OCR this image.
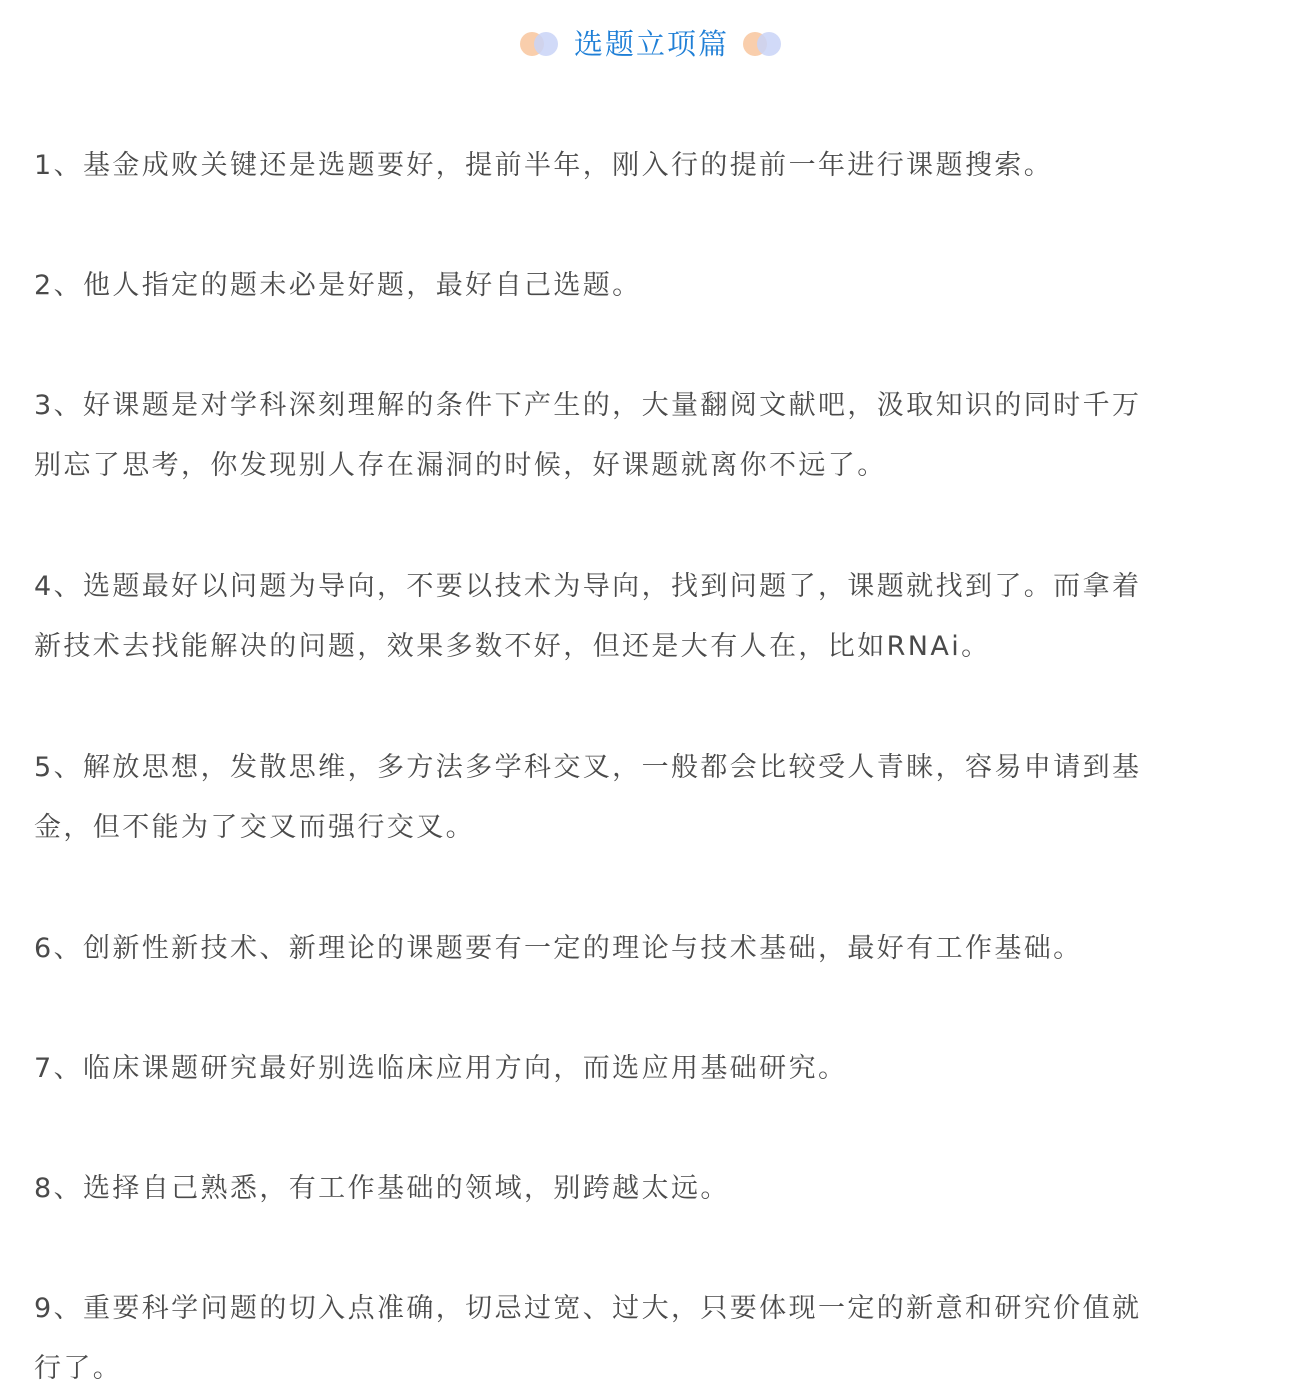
选题立项篇

1、基金成败关键还是选题要好，提前半年，刚入行的提前一年进行课题搜索。

2、他人指定的题未必是好题，最好自己选题。

3、好课题是对学科深刻理解的条件下产生的，大量翻阅文献吧，汲取知识的同时千万
别忘了思考，你发现别人存在漏洞的时候，好课题就离你不远了。

4、选题最好以问题为导向，不要以技术为导向，找到问题了，课题就找到了。而拿着
新技术去找能解决的问题，效果多数不好，但还是大有人在，比如RNAi。

5、解放思想，发散思维，多方法多学科交叉，一般都会比较受人青睐，容易申请到基
金，但不能为了交叉而强行交叉。

6、创新性新技术、新理论的课题要有一定的理论与技术基础，最好有工作基础。

7、临床课题研究最好别选临床应用方向，而选应用基础研究。

8、选择自己熟悉，有工作基础的领域，别跨越太远。

9、重要科学问题的切入点准确，切忌过宽、过大，只要体现一定的新意和研究价值就
行了。
